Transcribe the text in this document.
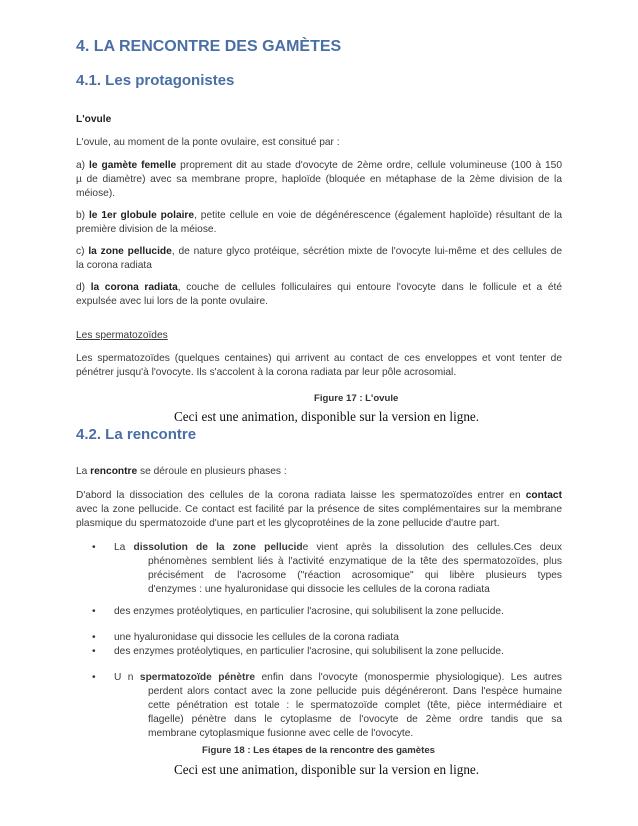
4. LA RENCONTRE DES GAMÈTES
4.1. Les protagonistes
L'ovule
L'ovule, au moment de la ponte ovulaire, est consitué par :
a) le gamète femelle proprement dit au stade d'ovocyte de 2ème ordre, cellule volumineuse (100 à 150
µ de diamètre) avec sa membrane propre, haploïde (bloquée en métaphase de la 2ème division de la
méiose).
b) le 1er globule polaire, petite cellule en voie de dégénérescence (également haploïde) résultant de la
première division de la méiose.
c) la zone pellucide, de nature glyco protéique, sécrétion mixte de l'ovocyte lui-même et des cellules de
la corona radiata
d) la corona radiata, couche de cellules folliculaires qui entoure l'ovocyte dans le follicule et a été
expulsée avec lui lors de la ponte ovulaire.
Les spermatozoïdes
Les spermatozoïdes (quelques centaines) qui arrivent au contact de ces enveloppes et vont tenter de
pénétrer jusqu'à l'ovocyte. Ils s'accolent à la corona radiata par leur pôle acrosomial.
Figure 17 : L'ovule
Ceci est une animation, disponible sur la version en ligne.
4.2. La rencontre
La rencontre se déroule en plusieurs phases :
D'abord la dissociation des cellules de la corona radiata laisse les spermatozoïdes entrer en contact
avec la zone pellucide. Ce contact est facilité par la présence de sites complémentaires sur la membrane
plasmique du spermatozoide d'une part et les glycoprotéines de la zone pellucide d'autre part.
• La dissolution de la zone pellucide vient après la dissolution des cellules.Ces deux
phénomènes semblent liés à l'activité enzymatique de la tête des spermatozoïdes, plus
précisément de l'acrosome ("réaction acrosomique" qui libère plusieurs types
d'enzymes : une hyaluronidase qui dissocie les cellules de la corona radiata
• des enzymes protéolytiques, en particulier l'acrosine, qui solubilisent la zone pellucide.
• une hyaluronidase qui dissocie les cellules de la corona radiata
• des enzymes protéolytiques, en particulier l'acrosine, qui solubilisent la zone pellucide.
• U n spermatozoïde pénètre enfin dans l'ovocyte (monospermie physiologique). Les autres
perdent alors contact avec la zone pellucide puis dégénéreront. Dans l'espèce humaine
cette pénétration est totale : le spermatozoïde complet (tête, pièce intermédiaire et
flagelle) pénètre dans le cytoplasme de l'ovocyte de 2ème ordre tandis que sa
membrane cytoplasmique fusionne avec celle de l'ovocyte.
Figure 18 : Les étapes de la rencontre des gamètes
Ceci est une animation, disponible sur la version en ligne.
